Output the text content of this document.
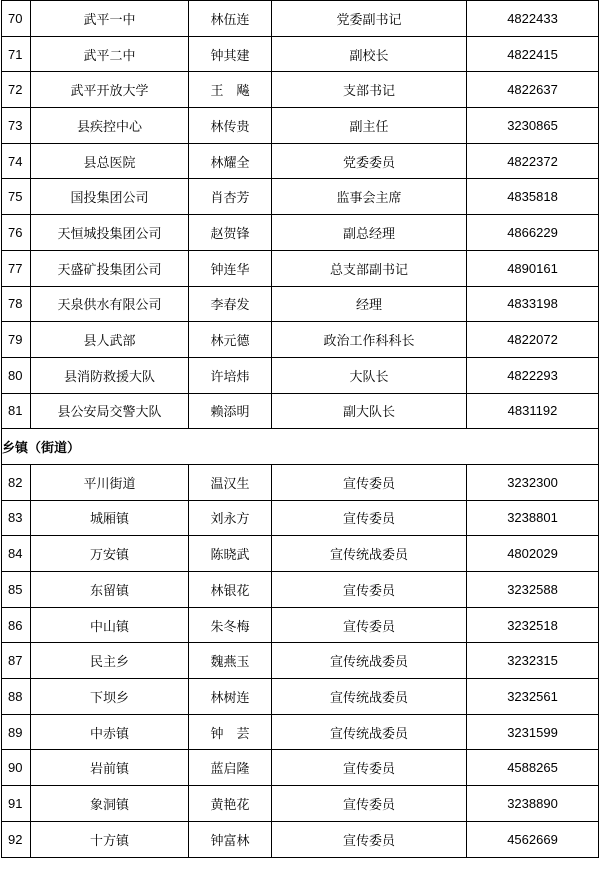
70	武平一中	林伍连	党委副书记	4822433
71	武平二中	钟其建	副校长	4822415
72	武平开放大学	王　飚	支部书记	4822637
73	县疾控中心	林传贵	副主任	3230865
74	县总医院	林耀全	党委委员	4822372
75	国投集团公司	肖杏芳	监事会主席	4835818
76	天恒城投集团公司	赵贺锋	副总经理	4866229
77	天盛矿投集团公司	钟连华	总支部副书记	4890161
78	天泉供水有限公司	李春发	经理	4833198
79	县人武部	林元德	政治工作科科长	4822072
80	县消防救援大队	许培炜	大队长	4822293
81	县公安局交警大队	赖添明	副大队长	4831192
乡镇（街道）				
82	平川街道	温汉生	宣传委员	3232300
83	城厢镇	刘永方	宣传委员	3238801
84	万安镇	陈晓武	宣传统战委员	4802029
85	东留镇	林银花	宣传委员	3232588
86	中山镇	朱冬梅	宣传委员	3232518
87	民主乡	魏燕玉	宣传统战委员	3232315
88	下坝乡	林树连	宣传统战委员	3232561
89	中赤镇	钟　芸	宣传统战委员	3231599
90	岩前镇	蓝启隆	宣传委员	4588265
91	象洞镇	黄艳花	宣传委员	3238890
92	十方镇	钟富林	宣传委员	4562669
